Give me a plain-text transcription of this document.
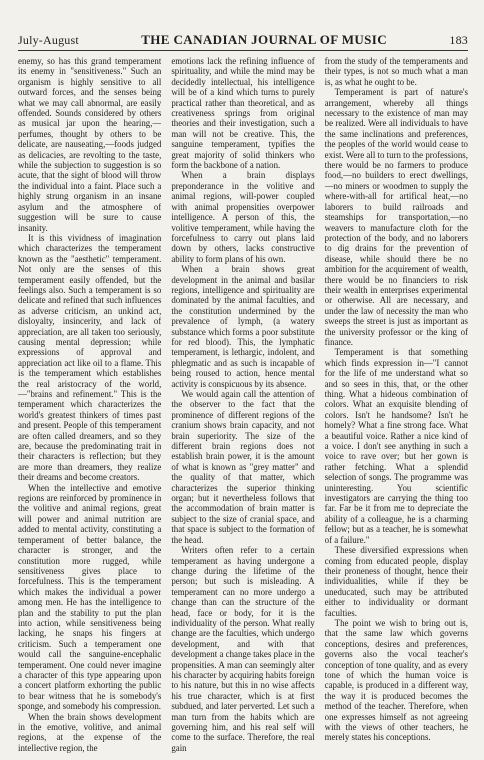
July-August	THE CANADIAN JOURNAL OF MUSIC	183

enemy, so has this grand temperament its enemy in "sensitiveness." Such an organism is highly sensitive to all outward forces, and the senses being what we may call abnormal, are easily offended. Sounds considered by others as musical jar upon the hearing,—perfumes, thought by others to be delicate, are nauseating,—foods judged as delicacies, are revolting to the taste, while the subjection to suggestion is so acute, that the sight of blood will throw the individual into a faint. Place such a highly strung organism in an insane asylum and the atmosphere of suggestion will be sure to cause insanity.

It is this vividness of imagination which characterizes the temperament known as the "aesthetic" temperament. Not only are the senses of this temperament easily offended, but the feelings also. Such a temperament is so delicate and refined that such influences as adverse criticism, an unkind act, disloyalty, insincerity, and lack of appreciation, are all taken too seriously, causing mental depression; while expressions of approval and appreciation act like oil to a flame. This is the temperament which establishes the real aristocracy of the world,—"brains and refinement." This is the temperament which characterizes the world's greatest thinkers of times past and present. People of this temperament are often called dreamers, and so they are, because the predominating trait in their characters is reflection; but they are more than dreamers, they realize their dreams and become creators.

When the intellective and emotive regions are reinforced by prominence in the volitive and animal regions, great will power and animal nutrition are added to mental activity, constituting a temperament of better balance, the character is stronger, and the constitution more rugged, while sensitiveness gives place to forcefulness. This is the temperament which makes the individual a power among men. He has the intelligence to plan and the stability to put the plan into action, while sensitiveness being lacking, he snaps his fingers at criticism. Such a temperament one would call the sanguine-encephalic temperament. One could never imagine a character of this type appearing upon a concert platform exhorting the public to bear witness that he is somebody's sponge, and somebody his compression.

When the brain shows development in the emotive, volitive, and animal regions, at the expense of the intellective region, the

emotions lack the refining influence of spirituality, and while the mind may be decidedly intellectual, his intelligence will be of a kind which turns to purely practical rather than theoretical, and as creativeness springs from original theories and their investigation, such a man will not be creative. This, the sanguine temperament, typifies the great majority of solid thinkers who form the backbone of a nation.

When a brain displays preponderance in the volitive and animal regions, will-power coupled with animal propensities overpower intelligence. A person of this, the volitive temperament, while having the forcefulness to carry out plans laid down by others, lacks constructive ability to form plans of his own.

When a brain shows great development in the animal and basilar regions, intelligence and spirituality are dominated by the animal faculties, and the constitution undermined by the prevalence of lymph, (a watery substance which forms a poor substitute for red blood). This, the lymphatic temperament, is lethargic, indolent, and phlegmatic and as such is incapable of being roused to action, hence mental activity is conspicuous by its absence.

We would again call the attention of the observer to the fact that the prominence of different regions of the cranium shows brain capacity, and not brain superiority. The size of the different brain regions does not establish brain power, it is the amount of what is known as "grey matter" and the quality of that matter, which characterizes the superior thinking organ; but it nevertheless follows that the accommodation of brain matter is subject to the size of cranial space, and that space is subject to the formation of the head.

Writers often refer to a certain temperament as having undergone a change during the lifetime of the person; but such is misleading. A temperament can no more undergo a change than can the structure of the head, face or body, for it is the individuality of the person. What really change are the faculties, which undergo development, and with that development a change takes place in the propensities. A man can seemingly alter his character by acquiring habits foreign to his nature, but this in no wise affects his true character, which is at first subdued, and later perverted. Let such a man turn from the habits which are governing him, and his real self will come to the surface. Therefore, the real gain

from the study of the temperaments and their types, is not so much what a man is, as what he ought to be.

Temperament is part of nature's arrangement, whereby all things necessary to the existence of man may be realized. Were all individuals to have the same inclinations and preferences, the peoples of the world would cease to exist. Were all to turn to the professions, there would be no farmers to produce food,—no builders to erect dwellings,—no miners or woodmen to supply the where-with-all for artifical heat,—no laborers to build railroads and steamships for transportation,—no weavers to manufacture cloth for the protection of the body, and no laborers to dig drains for the prevention of disease, while should there be no ambition for the acquirement of wealth, there would be no financiers to risk their wealth in enterprises experimental or otherwise. All are necessary, and under the law of necessity the man who sweeps the street is just as important as the university professor or the king of finance.

Temperament is that something which finds expression in—"I cannot for the life of me understand what so and so sees in this, that, or the other thing. What a hideous combination of colors. What an exquisite blending of colors. Isn't he handsome? Isn't he homely? What a fine strong face. What a beautiful voice. Rather a nice kind of a voice. I don't see anything in such a voice to rave over; but her gown is rather fetching. What a splendid selection of songs. The programme was uninteresting. You scientific investigators are carrying the thing too far. Far be it from me to depreciate the ability of a colleague, he is a charming fellow; but as a teacher, he is somewhat of a failure."

These diversified expressions when coming from educated people, display their proneness of thought, hence their individualities, while if they be uneducated, such may be attributed either to individuality or dormant faculties.

The point we wish to bring out is, that the same law which governs conceptions, desires and preferences, governs also the vocal teacher's conception of tone quality, and as every tone of which the human voice is capable, is produced in a different way, the way it is produced becomes the method of the teacher. Therefore, when one expresses himself as not agreeing with the views of other teachers, he merely states his conceptions.
